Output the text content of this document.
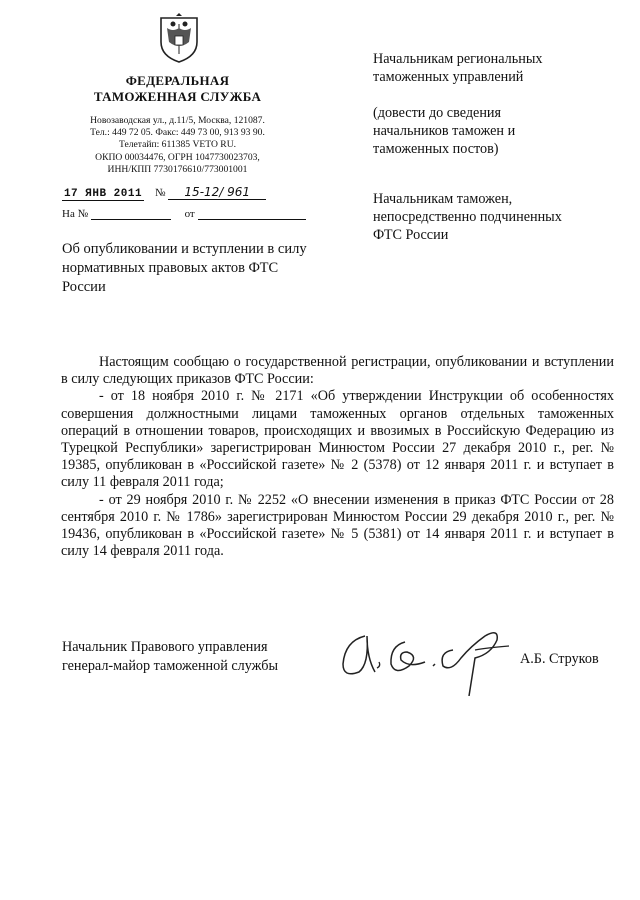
ФЕДЕРАЛЬНАЯ
ТАМОЖЕННАЯ СЛУЖБА
Новозаводская ул., д.11/5, Москва, 121087.
Тел.: 449 72 05. Факс: 449 73 00, 913 93 90.
Телетайп: 611385 VETO RU.
ОКПО 00034476, ОГРН 1047730023703,
ИНН/КПП 7730176610/773001001
17 ЯНВ 2011 № 15-12/ 961
На №	от
Об опубликовании и вступлении в силу нормативных правовых актов ФТС России
Начальникам региональных
таможенных управлений
(довести до сведения
начальников таможен и
таможенных постов)
Начальникам таможен,
непосредственно подчиненных
ФТС России

Настоящим сообщаю о государственной регистрации, опубликовании и вступлении в силу следующих приказов ФТС России:

- от 18 ноября 2010 г. № 2171 «Об утверждении Инструкции об особенностях совершения должностными лицами таможенных органов отдельных таможенных операций в отношении товаров, происходящих и ввозимых в Российскую Федерацию из Турецкой Республики» зарегистрирован Минюстом России 27 декабря 2010 г., рег. № 19385, опубликован в «Российской газете» № 2 (5378) от 12 января 2011 г. и вступает в силу 11 февраля 2011 года;

- от 29 ноября 2010 г. № 2252 «О внесении изменения в приказ ФТС России от 28 сентября 2010 г. № 1786» зарегистрирован Минюстом России 29 декабря 2010 г., рег. № 19436, опубликован в «Российской газете» № 5 (5381) от 14 января 2011 г. и вступает в силу 14 февраля 2011 года.

Начальник Правового управления
генерал-майор таможенной службы	А.Б. Струков
